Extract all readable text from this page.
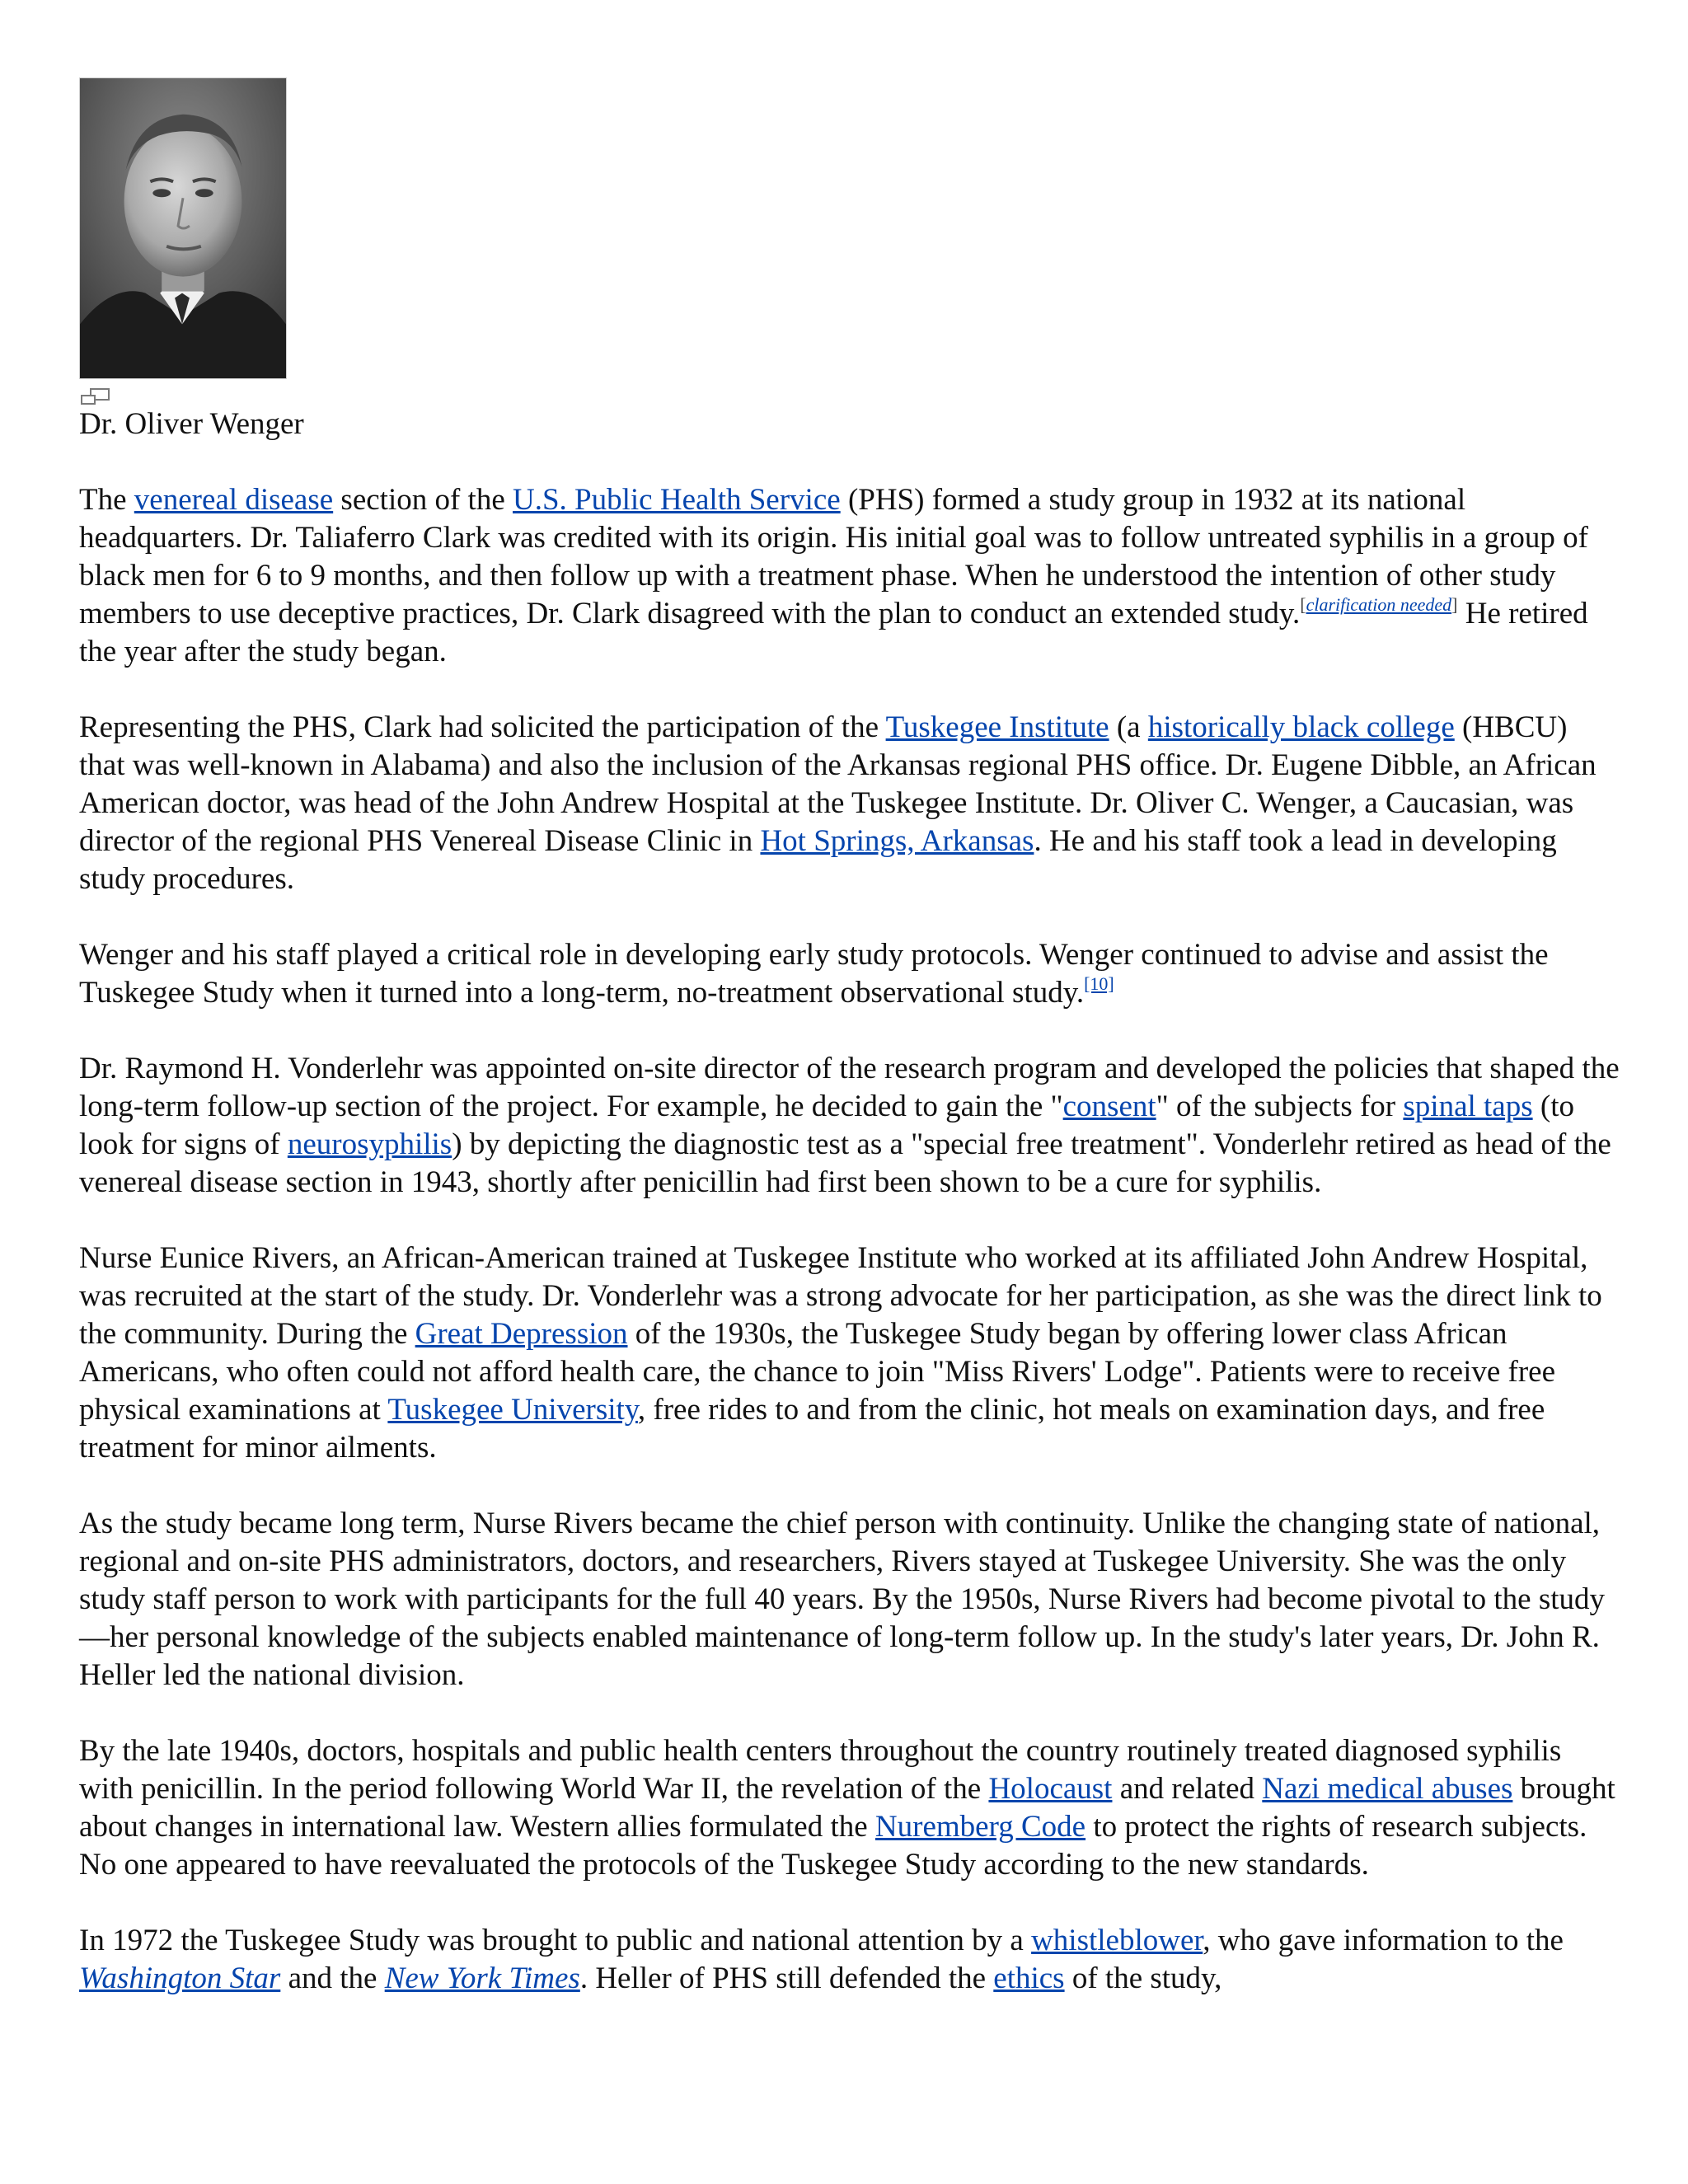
Dr. Oliver Wenger

The venereal disease section of the U.S. Public Health Service (PHS) formed a study group in 1932 at its national headquarters. Dr. Taliaferro Clark was credited with its origin. His initial goal was to follow untreated syphilis in a group of black men for 6 to 9 months, and then follow up with a treatment phase. When he understood the intention of other study members to use deceptive practices, Dr. Clark disagreed with the plan to conduct an extended study.[clarification needed] He retired the year after the study began.

Representing the PHS, Clark had solicited the participation of the Tuskegee Institute (a historically black college (HBCU) that was well-known in Alabama) and also the inclusion of the Arkansas regional PHS office. Dr. Eugene Dibble, an African American doctor, was head of the John Andrew Hospital at the Tuskegee Institute. Dr. Oliver C. Wenger, a Caucasian, was director of the regional PHS Venereal Disease Clinic in Hot Springs, Arkansas. He and his staff took a lead in developing study procedures.

Wenger and his staff played a critical role in developing early study protocols. Wenger continued to advise and assist the Tuskegee Study when it turned into a long-term, no-treatment observational study.[10]

Dr. Raymond H. Vonderlehr was appointed on-site director of the research program and developed the policies that shaped the long-term follow-up section of the project. For example, he decided to gain the "consent" of the subjects for spinal taps (to look for signs of neurosyphilis) by depicting the diagnostic test as a "special free treatment". Vonderlehr retired as head of the venereal disease section in 1943, shortly after penicillin had first been shown to be a cure for syphilis.

Nurse Eunice Rivers, an African-American trained at Tuskegee Institute who worked at its affiliated John Andrew Hospital, was recruited at the start of the study. Dr. Vonderlehr was a strong advocate for her participation, as she was the direct link to the community. During the Great Depression of the 1930s, the Tuskegee Study began by offering lower class African Americans, who often could not afford health care, the chance to join "Miss Rivers' Lodge". Patients were to receive free physical examinations at Tuskegee University, free rides to and from the clinic, hot meals on examination days, and free treatment for minor ailments.

As the study became long term, Nurse Rivers became the chief person with continuity. Unlike the changing state of national, regional and on-site PHS administrators, doctors, and researchers, Rivers stayed at Tuskegee University. She was the only study staff person to work with participants for the full 40 years. By the 1950s, Nurse Rivers had become pivotal to the study—her personal knowledge of the subjects enabled maintenance of long-term follow up. In the study's later years, Dr. John R. Heller led the national division.

By the late 1940s, doctors, hospitals and public health centers throughout the country routinely treated diagnosed syphilis with penicillin. In the period following World War II, the revelation of the Holocaust and related Nazi medical abuses brought about changes in international law. Western allies formulated the Nuremberg Code to protect the rights of research subjects. No one appeared to have reevaluated the protocols of the Tuskegee Study according to the new standards.

In 1972 the Tuskegee Study was brought to public and national attention by a whistleblower, who gave information to the Washington Star and the New York Times. Heller of PHS still defended the ethics of the study,
